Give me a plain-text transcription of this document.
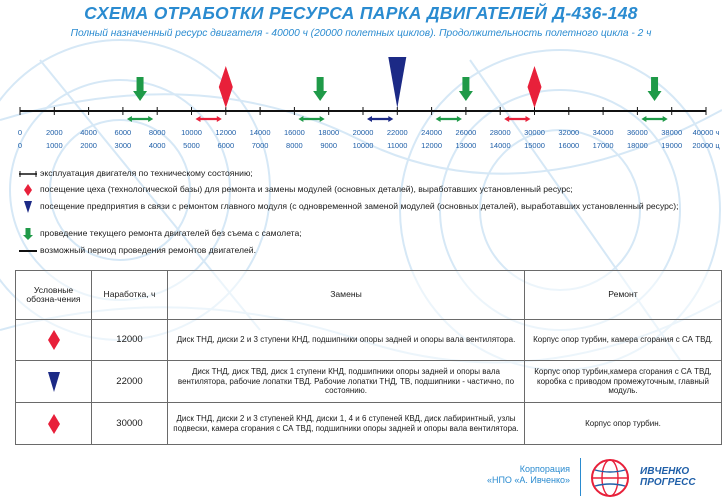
СХЕМА ОТРАБОТКИ РЕСУРСА ПАРКА ДВИГАТЕЛЕЙ Д-436-148
Полный назначенный ресурс двигателя - 40000 ч (20000 полетных циклов). Продолжительность полетного цикла - 2 ч
0
0
2000
1000
4000
2000
6000
3000
8000
4000
10000
5000
12000
6000
14000
7000
16000
8000
18000
9000
20000
10000
22000
11000
24000
12000
26000
13000
28000
14000
30000
15000
32000
16000
34000
17000
36000
18000
38000
19000
40000 ч
20000 ц
эксплуатация двигателя по техническому состоянию;
посещение цеха (технологической базы) для ремонта и замены модулей (основных деталей), выработавших установленный ресурс;
посещение предприятия в связи с ремонтом главного модуля (с одновременной заменой модулей (основных деталей), выработавших установленный ресурс);
проведение текущего ремонта двигателей без съема с самолета;
возможный период проведения ремонтов двигателей.
Условные обозна-чения	Наработка, ч	Замены	Ремонт

	12000	Диск ТНД, диски 2 и 3 ступени КНД, подшипники опоры задней и опоры вала вентилятора.	Корпус опор турбин, камера сгорания с СА ТВД.

	22000	Диск ТНД, диск ТВД, диск 1 ступени КНД, подшипники опоры задней и опоры вала вентилятора, рабочие лопатки ТВД. Рабочие лопатки ТНД, ТВ, подшипники - частично, по состоянию.	Корпус опор турбин,камера сгорания с СА ТВД, коробка с приводом промежуточным, главный модуль.

	30000	Диск ТНД, диски 2 и 3 ступеней КНД, диски 1, 4 и 6 ступеней КВД, диск лабиринтный, узлы подвески, камера сгорания с СА ТВД, подшипники опоры задней и опоры вала вентилятора.	Корпус опор турбин.
Корпорация
«НПО «А. Ивченко»
ИВЧЕНКО
ПРОГРЕСС
